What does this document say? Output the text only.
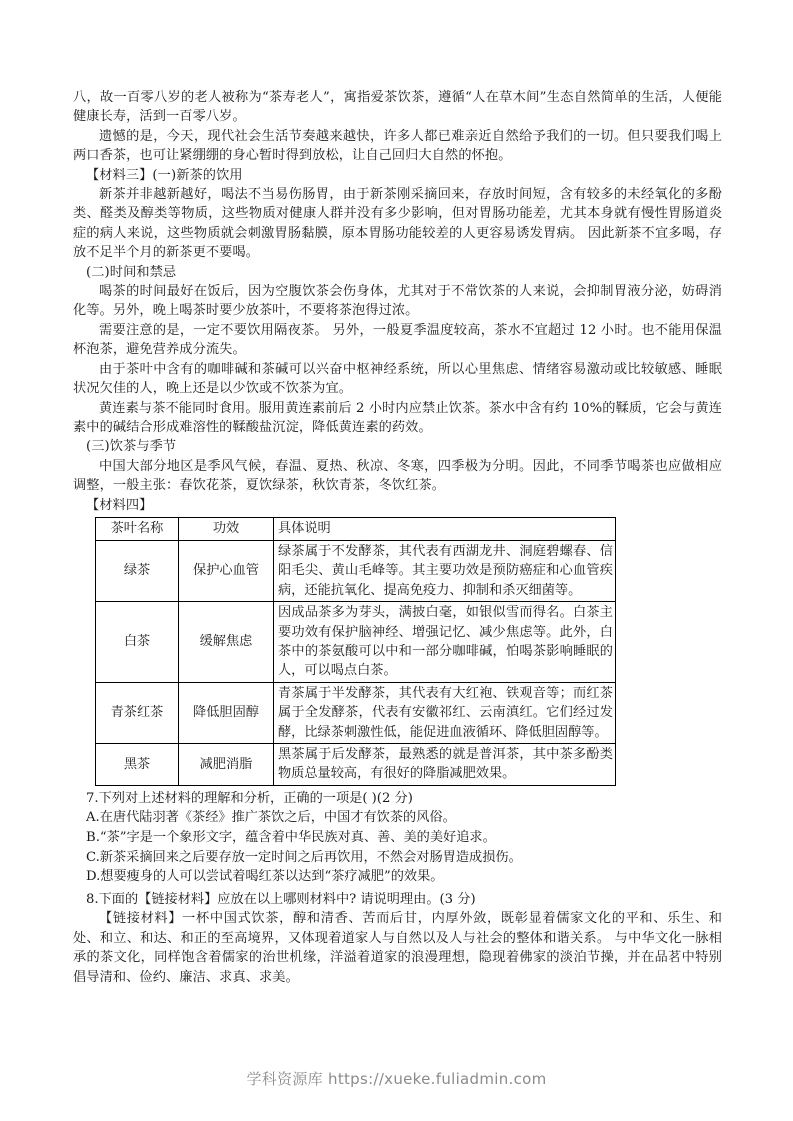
八，故一百零八岁的老人被称为“茶寿老人”，寓指爱茶饮茶，遵循“人在草木间”生态自然简单的生活，人便能健康长寿，活到一百零八岁。

遗憾的是，今天，现代社会生活节奏越来越快，许多人都已难亲近自然给予我们的一切。但只要我们喝上两口香茶，也可让紧绷绷的身心暂时得到放松，让自己回归大自然的怀抱。

【材料三】(一)新茶的饮用

新茶并非越新越好，喝法不当易伤肠胃，由于新茶刚采摘回来，存放时间短，含有较多的未经氧化的多酚类、醛类及醇类等物质，这些物质对健康人群并没有多少影响，但对胃肠功能差，尤其本身就有慢性胃肠道炎症的病人来说，这些物质就会刺激胃肠黏膜，原本胃肠功能较差的人更容易诱发胃病。 因此新茶不宜多喝，存放不足半个月的新茶更不要喝。

(二)时间和禁忌

喝茶的时间最好在饭后，因为空腹饮茶会伤身体，尤其对于不常饮茶的人来说，会抑制胃液分泌，妨碍消化等。另外，晚上喝茶时要少放茶叶，不要将茶泡得过浓。

需要注意的是，一定不要饮用隔夜茶。 另外，一般夏季温度较高，茶水不宜超过 12 小时。也不能用保温杯泡茶，避免营养成分流失。

由于茶叶中含有的咖啡碱和茶碱可以兴奋中枢神经系统，所以心里焦虑、情绪容易激动或比较敏感、睡眠状况欠佳的人，晚上还是以少饮或不饮茶为宜。

黄连素与茶不能同时食用。服用黄连素前后 2 小时内应禁止饮茶。茶水中含有约 10%的鞣质，它会与黄连素中的碱结合形成难溶性的鞣酸盐沉淀，降低黄连素的药效。

(三)饮茶与季节

中国大部分地区是季风气候，春温、夏热、秋凉、冬寒，四季极为分明。因此，不同季节喝茶也应做相应调整，一般主张：春饮花茶，夏饮绿茶，秋饮青茶，冬饮红茶。

【材料四】

茶叶名称	功效	具体说明
绿茶	保护心血管	绿茶属于不发酵茶，其代表有西湖龙井、洞庭碧螺春、信阳毛尖、黄山毛峰等。其主要功效是预防癌症和心血管疾病，还能抗氧化、提高免疫力、抑制和杀灭细菌等。
白茶	缓解焦虑	因成品茶多为芽头，满披白毫，如银似雪而得名。白茶主要功效有保护脑神经、增强记忆、减少焦虑等。此外，白茶中的茶氨酸可以中和一部分咖啡碱，怕喝茶影响睡眠的人，可以喝点白茶。
青茶红茶	降低胆固醇	青茶属于半发酵茶，其代表有大红袍、铁观音等；而红茶属于全发酵茶，代表有安徽祁红、云南滇红。它们经过发酵，比绿茶刺激性低，能促进血液循环、降低胆固醇等。
黑茶	减肥消脂	黑茶属于后发酵茶，最熟悉的就是普洱茶，其中茶多酚类物质总量较高，有很好的降脂减肥效果。

7.下列对上述材料的理解和分析，正确的一项是( )(2 分)

A.在唐代陆羽著《茶经》推广茶饮之后，中国才有饮茶的风俗。

B.“茶”字是一个象形文字，蕴含着中华民族对真、善、美的美好追求。

C.新茶采摘回来之后要存放一定时间之后再饮用，不然会对肠胃造成损伤。

D.想要瘦身的人可以尝试着喝红茶以达到“茶疗减肥”的效果。

8.下面的【链接材料】应放在以上哪则材料中? 请说明理由。(3 分)

【链接材料】一杯中国式饮茶，醇和清香、苦而后甘，内厚外敛，既彰显着儒家文化的平和、乐生、和处、和立、和达、和正的至高境界，又体现着道家人与自然以及人与社会的整体和谐关系。 与中华文化一脉相承的茶文化，同样饱含着儒家的治世机缘，洋溢着道家的浪漫理想，隐现着佛家的淡泊节操，并在品茗中特别倡导清和、俭约、廉洁、求真、求美。

学科资源库 https://xueke.fuliadmin.com
